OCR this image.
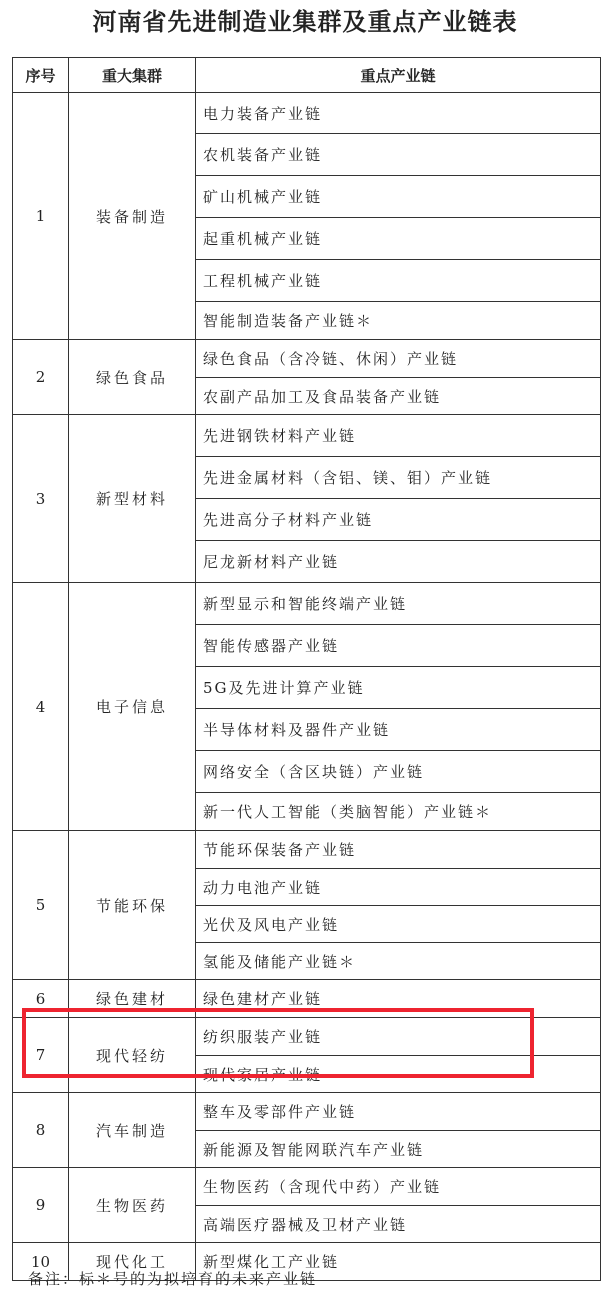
河南省先进制造业集群及重点产业链表
序号	重大集群	重点产业链
1	装备制造	电力装备产业链
		农机装备产业链
		矿山机械产业链
		起重机械产业链
		工程机械产业链
		智能制造装备产业链＊
2	绿色食品	绿色食品（含冷链、休闲）产业链
		农副产品加工及食品装备产业链
3	新型材料	先进钢铁材料产业链
		先进金属材料（含铝、镁、钼）产业链
		先进高分子材料产业链
		尼龙新材料产业链
4	电子信息	新型显示和智能终端产业链
		智能传感器产业链
		5G及先进计算产业链
		半导体材料及器件产业链
		网络安全（含区块链）产业链
		新一代人工智能（类脑智能）产业链＊
5	节能环保	节能环保装备产业链
		动力电池产业链
		光伏及风电产业链
		氢能及储能产业链＊
6	绿色建材	绿色建材产业链
7	现代轻纺	纺织服装产业链
		现代家居产业链
8	汽车制造	整车及零部件产业链
		新能源及智能网联汽车产业链
9	生物医药	生物医药（含现代中药）产业链
		高端医疗器械及卫材产业链
10	现代化工	新型煤化工产业链

备注：标＊号的为拟培育的未来产业链
